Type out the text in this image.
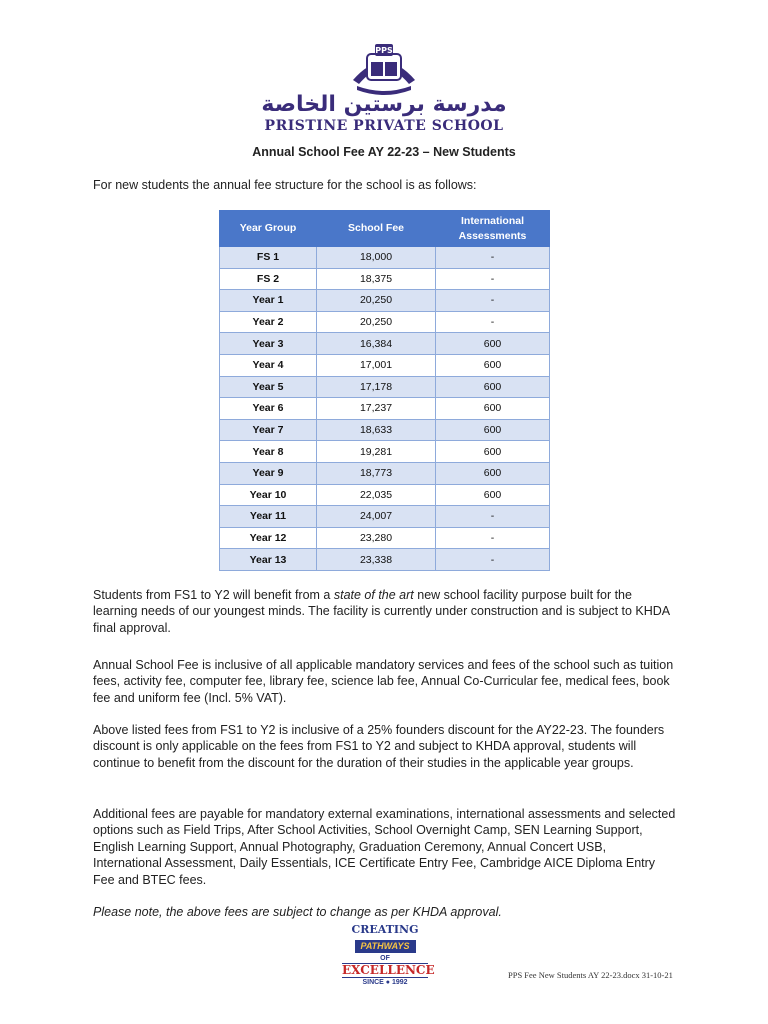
PPS
مدرسة برستين الخاصة
PRISTINE PRIVATE SCHOOL
Annual School Fee AY 22-23 – New Students
For new students the annual fee structure for the school is as follows:
Year Group	School Fee	International Assessments
FS 1	18,000	-
FS 2	18,375	-
Year 1	20,250	-
Year 2	20,250	-
Year 3	16,384	600
Year 4	17,001	600
Year 5	17,178	600
Year 6	17,237	600
Year 7	18,633	600
Year 8	19,281	600
Year 9	18,773	600
Year 10	22,035	600
Year 11	24,007	-
Year 12	23,280	-
Year 13	23,338	-

Students from FS1 to Y2 will benefit from a state of the art new school facility purpose built for the learning needs of our youngest minds. The facility is currently under construction and is subject to KHDA final approval.

Annual School Fee is inclusive of all applicable mandatory services and fees of the school such as tuition fees, activity fee, computer fee, library fee, science lab fee, Annual Co-Curricular fee, medical fees, book fee and uniform fee (Incl. 5% VAT).

Above listed fees from FS1 to Y2 is inclusive of a 25% founders discount for the AY22-23. The founders discount is only applicable on the fees from FS1 to Y2 and subject to KHDA approval, students will continue to benefit from the discount for the duration of their studies in the applicable year groups.

Additional fees are payable for mandatory external examinations, international assessments and selected options such as Field Trips, After School Activities, School Overnight Camp, SEN Learning Support, English Learning Support, Annual Photography, Graduation Ceremony, Annual Concert USB, International Assessment, Daily Essentials, ICE Certificate Entry Fee, Cambridge AICE Diploma Entry Fee and BTEC fees.

Please note, the above fees are subject to change as per KHDA approval.

CREATING
PATHWAYS
OF
EXCELLENCE
SINCE ● 1992
PPS Fee New Students AY 22-23.docx 31-10-21
